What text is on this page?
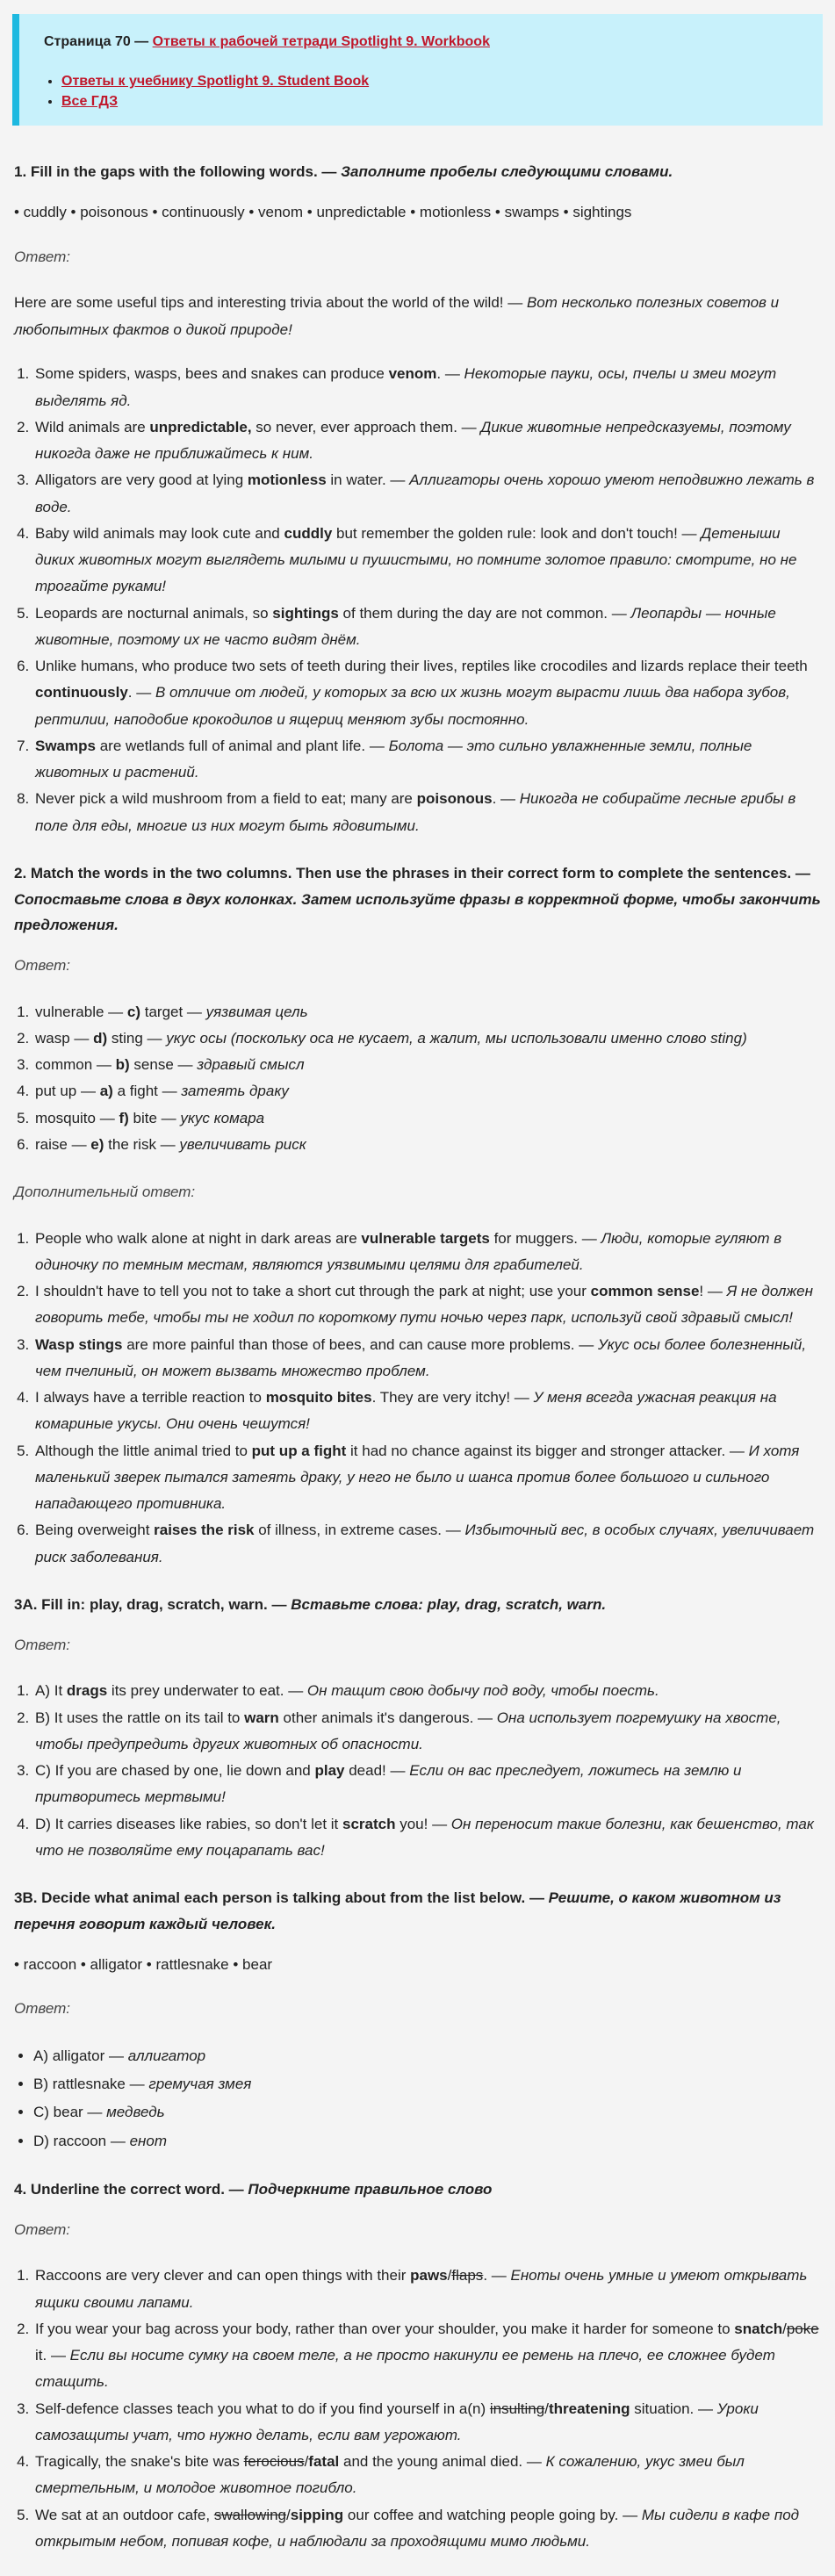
Страница 70 — Ответы к рабочей тетради Spotlight 9. Workbook

• Ответы к учебнику Spotlight 9. Student Book
• Все ГДЗ
1. Fill in the gaps with the following words. — Заполните пробелы следующими словами.

• cuddly • poisonous • continuously • venom • unpredictable • motionless • swamps • sightings

Ответ:

Here are some useful tips and interesting trivia about the world of the wild! — Вот несколько полезных советов и любопытных фактов о дикой природе!

1. Some spiders, wasps, bees and snakes can produce venom. — Некоторые пауки, осы, пчелы и змеи могут выделять яд.
2. Wild animals are unpredictable, so never, ever approach them. — Дикие животные непредсказуемы, поэтому никогда даже не приближайтесь к ним.
3. Alligators are very good at lying motionless in water. — Аллигаторы очень хорошо умеют неподвижно лежать в воде.
4. Baby wild animals may look cute and cuddly but remember the golden rule: look and don't touch! — Детеныши диких животных могут выглядеть милыми и пушистыми, но помните золотое правило: смотрите, но не трогайте руками!
5. Leopards are nocturnal animals, so sightings of them during the day are not common. — Леопарды — ночные животные, поэтому их не часто видят днём.
6. Unlike humans, who produce two sets of teeth during their lives, reptiles like crocodiles and lizards replace their teeth continuously. — В отличие от людей, у которых за всю их жизнь могут вырасти лишь два набора зубов, рептилии, наподобие крокодилов и ящериц меняют зубы постоянно.
7. Swamps are wetlands full of animal and plant life. — Болота — это сильно увлажненные земли, полные животных и растений.
8. Never pick a wild mushroom from a field to eat; many are poisonous. — Никогда не собирайте лесные грибы в поле для еды, многие из них могут быть ядовитыми.
2. Match the words in the two columns. Then use the phrases in their correct form to complete the sentences. — Сопоставьте слова в двух колонках. Затем используйте фразы в корректной форме, чтобы закончить предложения.

Ответ:

1. vulnerable — c) target — уязвимая цель
2. wasp — d) sting — укус осы (поскольку оса не кусает, а жалит, мы использовали именно слово sting)
3. common — b) sense — здравый смысл
4. put up — a) a fight — затеять драку
5. mosquito — f) bite — укус комара
6. raise — e) the risk — увеличивать риск

Дополнительный ответ:

1. People who walk alone at night in dark areas are vulnerable targets for muggers. — Люди, которые гуляют в одиночку по темным местам, являются уязвимыми целями для грабителей.
2. I shouldn't have to tell you not to take a short cut through the park at night; use your common sense! — Я не должен говорить тебе, чтобы ты не ходил по короткому пути ночью через парк, используй свой здравый смысл!
3. Wasp stings are more painful than those of bees, and can cause more problems. — Укус осы более болезненный, чем пчелиный, он может вызвать множество проблем.
4. I always have a terrible reaction to mosquito bites. They are very itchy! — У меня всегда ужасная реакция на комариные укусы. Они очень чешутся!
5. Although the little animal tried to put up a fight it had no chance against its bigger and stronger attacker. — И хотя маленький зверек пытался затеять драку, у него не было и шанса против более большого и сильного нападающего противника.
6. Being overweight raises the risk of illness, in extreme cases. — Избыточный вес, в особых случаях, увеличивает риск заболевания.
3A. Fill in: play, drag, scratch, warn. — Вставьте слова: play, drag, scratch, warn.

Ответ:

1. A) It drags its prey underwater to eat. — Он тащит свою добычу под воду, чтобы поесть.
2. B) It uses the rattle on its tail to warn other animals it's dangerous. — Она использует погремушку на хвосте, чтобы предупредить других животных об опасности.
3. C) If you are chased by one, lie down and play dead! — Если он вас преследует, ложитесь на землю и притворитесь мертвыми!
4. D) It carries diseases like rabies, so don't let it scratch you! — Он переносит такие болезни, как бешенство, так что не позволяйте ему поцарапать вас!
3B. Decide what animal each person is talking about from the list below. — Решите, о каком животном из перечня говорит каждый человек.

• raccoon • alligator • rattlesnake • bear

Ответ:

• A) alligator — аллигатор
• B) rattlesnake — гремучая змея
• C) bear — медведь
• D) raccoon — енот
4. Underline the correct word. — Подчеркните правильное слово

Ответ:

1. Raccoons are very clever and can open things with their paws/flaps. — Еноты очень умные и умеют открывать ящики своими лапами.
2. If you wear your bag across your body, rather than over your shoulder, you make it harder for someone to snatch/poke it. — Если вы носите сумку на своем теле, а не просто накинули ее ремень на плечо, ее сложнее будет стащить.
3. Self-defence classes teach you what to do if you find yourself in a(n) insulting/threatening situation. — Уроки самозащиты учат, что нужно делать, если вам угрожают.
4. Tragically, the snake's bite was ferocious/fatal and the young animal died. — К сожалению, укус змеи был смертельным, и молодое животное погибло.
5. We sat at an outdoor cafe, swallowing/sipping our coffee and watching people going by. — Мы сидели в кафе под открытым небом, попивая кофе, и наблюдали за проходящими мимо людьми.
